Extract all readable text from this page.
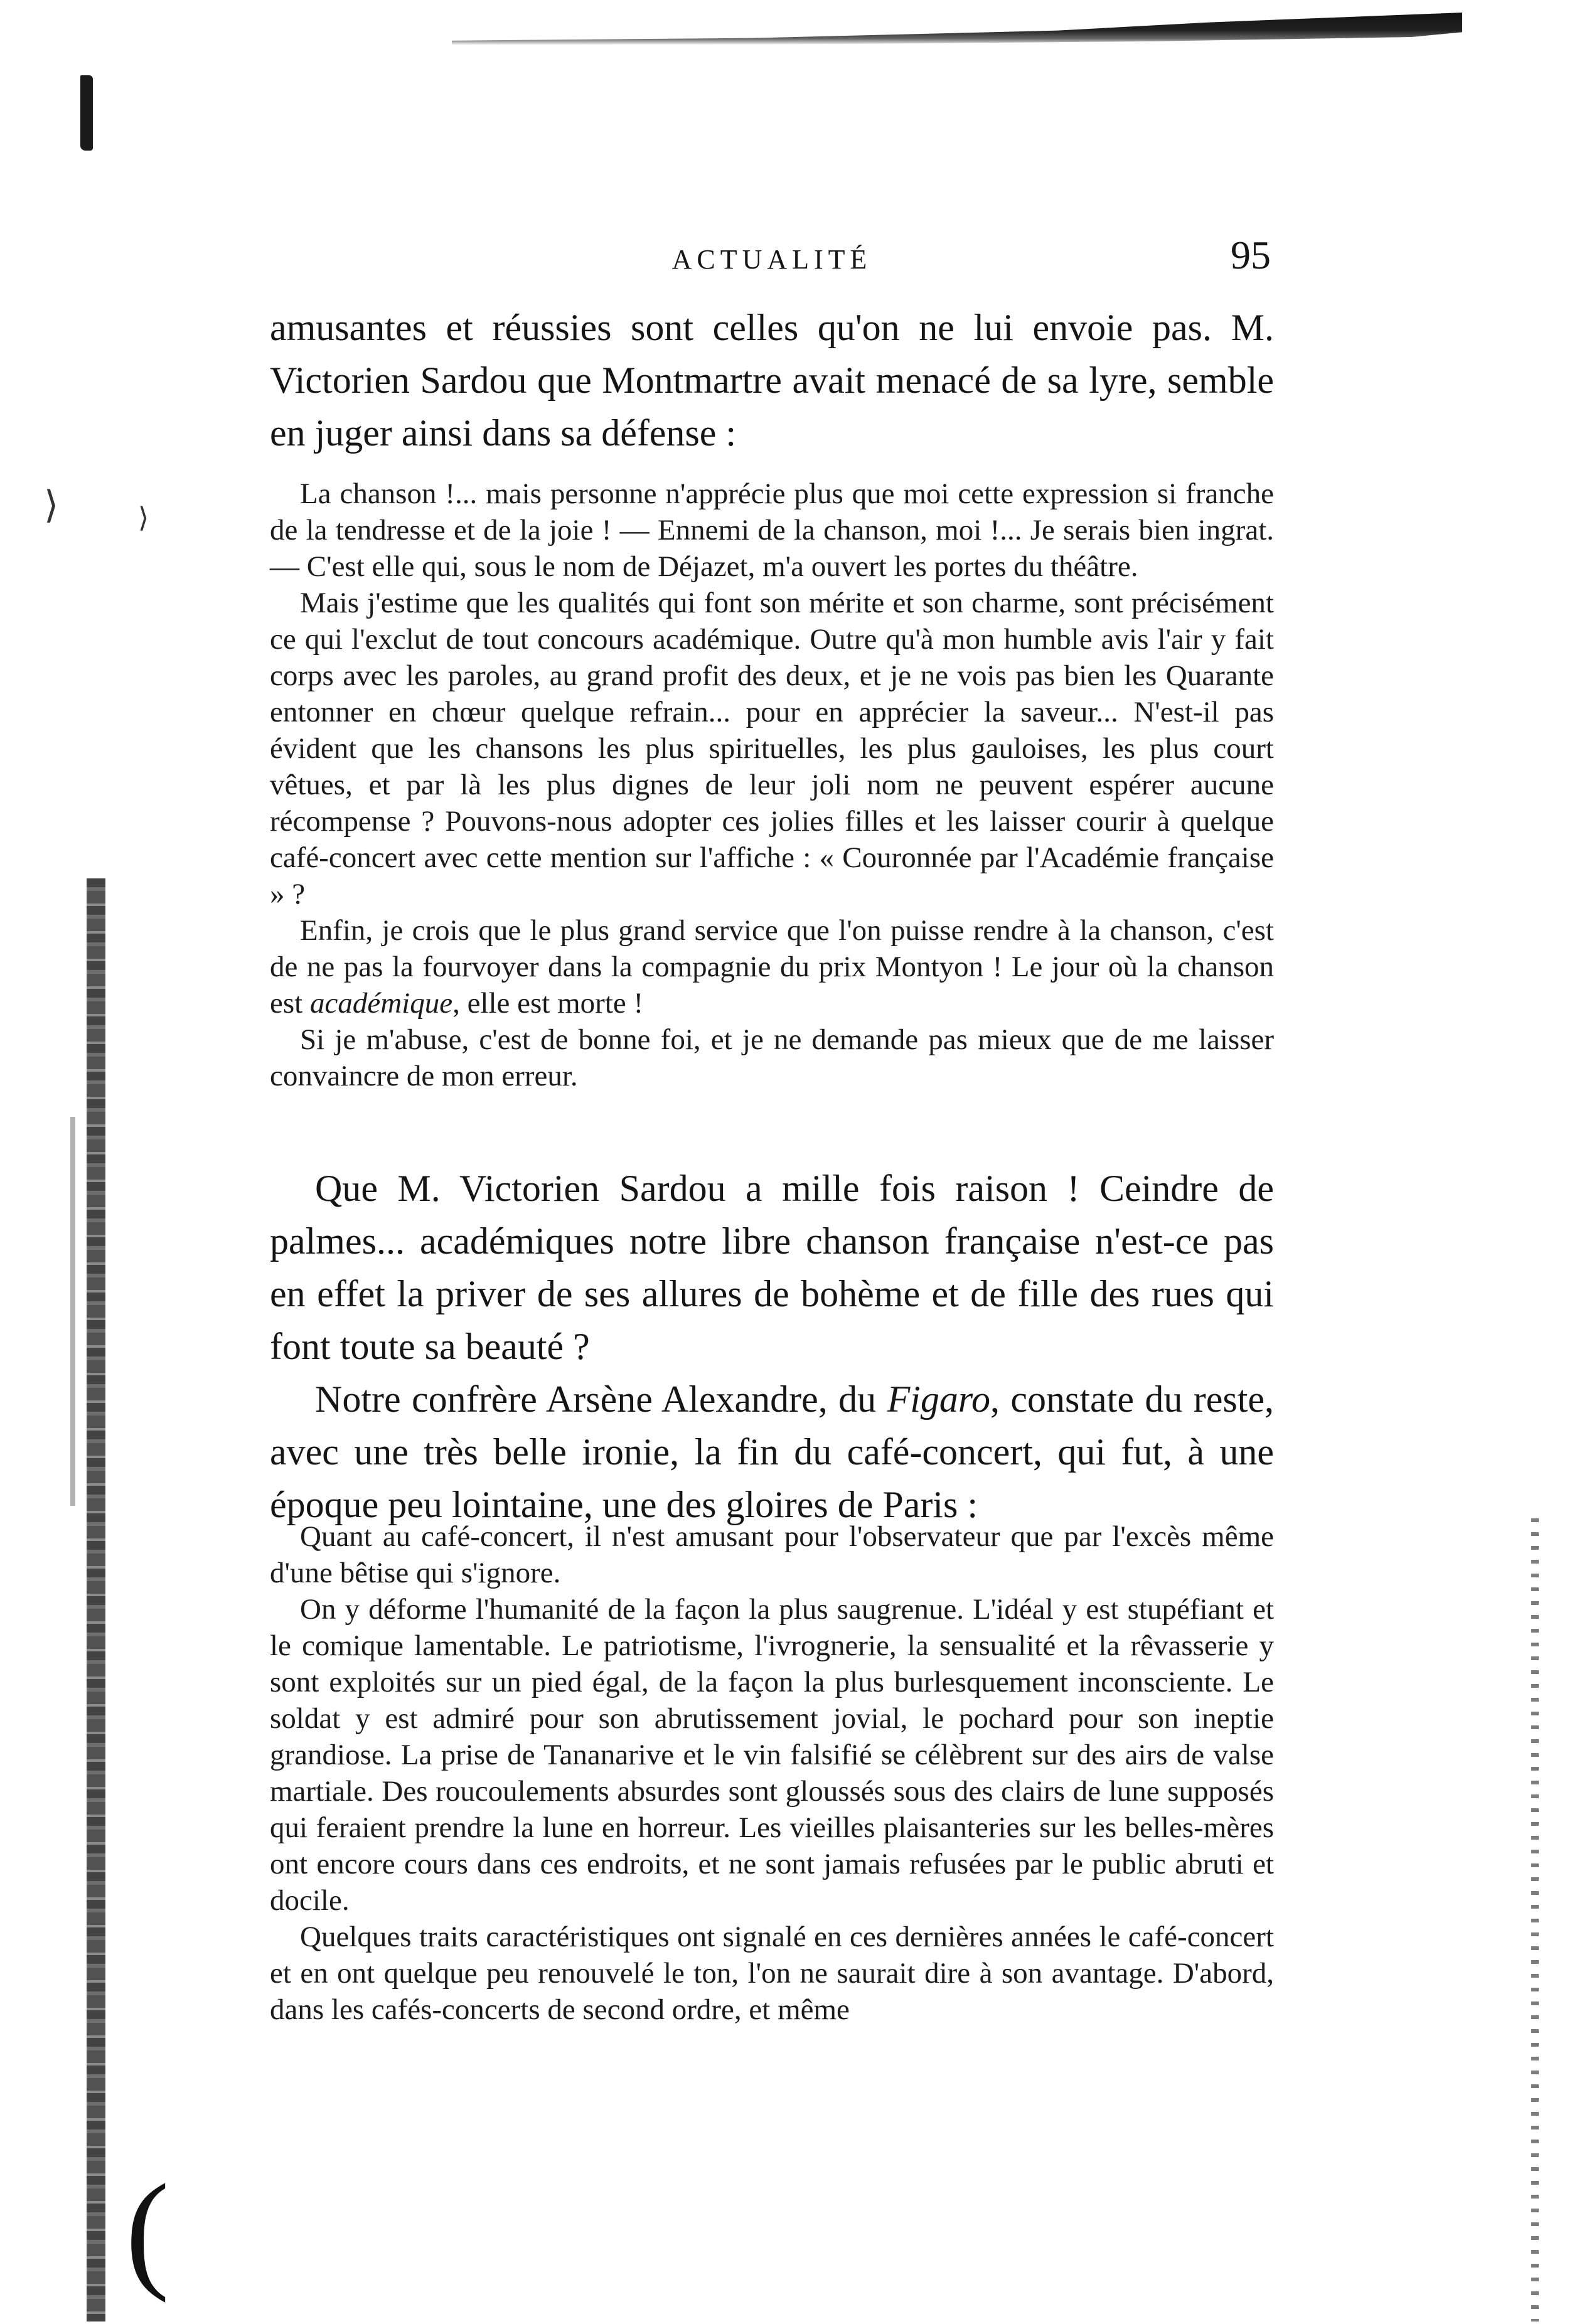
⟩	⟩
(
ACTUALITÉ	95

amusantes et réussies sont celles qu'on ne lui envoie pas. M. Victorien Sardou que Montmartre avait menacé de sa lyre, semble en juger ainsi dans sa défense :

La chanson !... mais personne n'apprécie plus que moi cette expression si franche de la tendresse et de la joie ! — Ennemi de la chanson, moi !... Je serais bien ingrat. — C'est elle qui, sous le nom de Déjazet, m'a ouvert les portes du théâtre.

Mais j'estime que les qualités qui font son mérite et son charme, sont précisément ce qui l'exclut de tout concours académique. Outre qu'à mon humble avis l'air y fait corps avec les paroles, au grand profit des deux, et je ne vois pas bien les Quarante entonner en chœur quelque refrain... pour en apprécier la saveur... N'est-il pas évident que les chansons les plus spirituelles, les plus gauloises, les plus court vêtues, et par là les plus dignes de leur joli nom ne peuvent espérer aucune récompense ? Pouvons-nous adopter ces jolies filles et les laisser courir à quelque café-concert avec cette mention sur l'affiche : « Couronnée par l'Académie française » ?

Enfin, je crois que le plus grand service que l'on puisse rendre à la chanson, c'est de ne pas la fourvoyer dans la compagnie du prix Montyon ! Le jour où la chanson est académique, elle est morte !

Si je m'abuse, c'est de bonne foi, et je ne demande pas mieux que de me laisser convaincre de mon erreur.

Que M. Victorien Sardou a mille fois raison ! Ceindre de palmes... académiques notre libre chanson française n'est-ce pas en effet la priver de ses allures de bohème et de fille des rues qui font toute sa beauté ?

Notre confrère Arsène Alexandre, du Figaro, constate du reste, avec une très belle ironie, la fin du café-concert, qui fut, à une époque peu lointaine, une des gloires de Paris :

Quant au café-concert, il n'est amusant pour l'observateur que par l'excès même d'une bêtise qui s'ignore.

On y déforme l'humanité de la façon la plus saugrenue. L'idéal y est stupéfiant et le comique lamentable. Le patriotisme, l'ivrognerie, la sensualité et la rêvasserie y sont exploités sur un pied égal, de la façon la plus burlesquement inconsciente. Le soldat y est admiré pour son abrutissement jovial, le pochard pour son ineptie grandiose. La prise de Tananarive et le vin falsifié se célèbrent sur des airs de valse martiale. Des roucoulements absurdes sont gloussés sous des clairs de lune supposés qui feraient prendre la lune en horreur. Les vieilles plaisanteries sur les belles-mères ont encore cours dans ces endroits, et ne sont jamais refusées par le public abruti et docile.

Quelques traits caractéristiques ont signalé en ces dernières années le café-concert et en ont quelque peu renouvelé le ton, l'on ne saurait dire à son avantage. D'abord, dans les cafés-concerts de second ordre, et même
